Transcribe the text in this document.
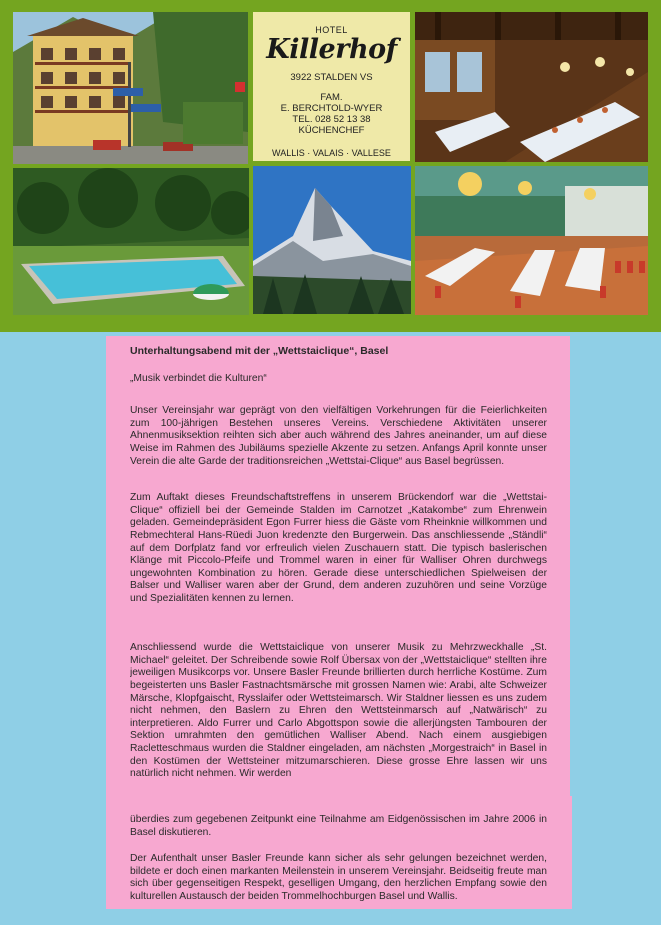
HOTEL
Killerhof
3922 STALDEN VS
FAM.
E. BERCHTOLD-WYER
TEL. 028 52 13 38
KÜCHENCHEF
WALLIS · VALAIS · VALLESE
Unterhaltungsabend mit der „Wettstaiclique“, Basel
„Musik verbindet die Kulturen“

Unser Vereinsjahr war geprägt von den vielfältigen Vorkehrungen für die Feierlichkeiten zum 100-jährigen Bestehen unseres Vereins. Verschiedene Aktivitäten unserer Ahnenmusiksektion reihten sich aber auch während des Jahres aneinander, um auf diese Weise im Rahmen des Jubiläums spezielle Akzente zu setzen. Anfangs April konnte unser Verein die alte Garde der traditionsreichen „Wettstai-Clique“ aus Basel begrüssen.

Zum Auftakt dieses Freundschaftstreffens in unserem Brückendorf war die „Wettstai-Clique“ offiziell bei der Gemeinde Stalden im Carnotzet „Katakombe“ zum Ehrenwein geladen. Gemeindepräsident Egon Furrer hiess die Gäste vom Rheinknie willkommen und Rebmechteral Hans-Rüedi Juon kredenzte den Burgerwein. Das anschliessende „Ständli“ auf dem Dorfplatz fand vor erfreulich vielen Zuschauern statt. Die typisch baslerischen Klänge mit Piccolo-Pfeife und Trommel waren in einer für Walliser Ohren durchwegs ungewohnten Kombination zu hören. Gerade diese unterschiedlichen Spielweisen der Balser und Walliser waren aber der Grund, dem anderen zuzuhören und seine Vorzüge und Spezialitäten kennen zu lernen.

Anschliessend wurde die Wettstaiclique von unserer Musik zu Mehrzweckhalle „St. Michael“ geleitet. Der Schreibende sowie Rolf Übersax von der „Wettstaiclique“ stellten ihre jeweiligen Musikcorps vor. Unsere Basler Freunde brillierten durch herrliche Kostüme. Zum begeisterten uns Basler Fastnachtsmärsche mit grossen Namen wie: Arabi, alte Schweizer Märsche, Klopfgaischt, Rysslaifer oder Wettsteimarsch. Wir Staldner liessen es uns zudem nicht nehmen, den Baslern zu Ehren den Wettsteinmarsch auf „Natwärisch“ zu interpretieren. Aldo Furrer und Carlo Abgottspon sowie die allerjüngsten Tambouren der Sektion umrahmten den gemütlichen Walliser Abend. Nach einem ausgiebigen Racletteschmaus wurden die Staldner eingeladen, am nächsten „Morgestraich“ in Basel in den Kostümen der Wettsteiner mitzumarschieren. Diese grosse Ehre lassen wir uns natürlich nicht nehmen. Wir werden

überdies zum gegebenen Zeitpunkt eine Teilnahme am Eidgenössischen im Jahre 2006 in Basel diskutieren.

Der Aufenthalt unser Basler Freunde kann sicher als sehr gelungen bezeichnet werden, bildete er doch einen markanten Meilenstein in unserem Vereinsjahr. Beidseitig freute man sich über gegenseitigen Respekt, geselligen Umgang, den herzlichen Empfang sowie den kulturellen Austausch der beiden Trommelhochburgen Basel und Wallis.
